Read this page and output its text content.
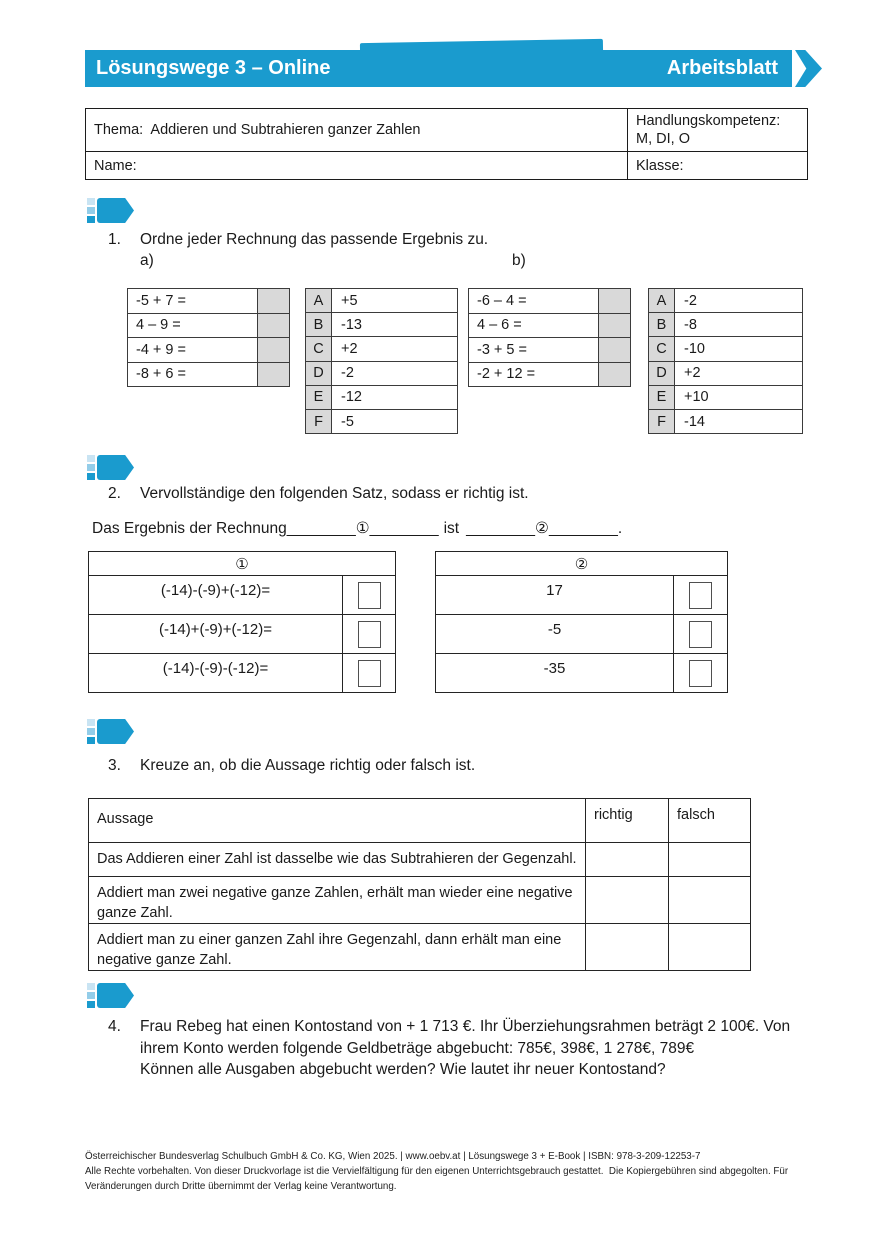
Lösungswege 3 – Online	Arbeitsblatt
Thema:  Addieren und Subtrahieren ganzer Zahlen	Handlungskompetenz: M, DI, O
Name:	Klasse:
1. Ordne jeder Rechnung das passende Ergebnis zu.
a)	b)
-5 + 7 =	
4 – 9 =	
-4 + 9 =	
-8 + 6 =	
A	+5
B	-13
C	+2
D	-2
E	-12
F	-5
-6 – 4 =	
4 – 6 =	
-3 + 5 =	
-2 + 12 =	
A	-2
B	-8
C	-10
D	+2
E	+10
F	-14
2. Vervollständige den folgenden Satz, sodass er richtig ist.
Das Ergebnis der Rechnung________①________ ist ________②________.
①	
(-14)-(-9)+(-12)=	

(-14)+(-9)+(-12)=	

(-14)-(-9)-(-12)=	
②	
17	

-5	

-35	
3. Kreuze an, ob die Aussage richtig oder falsch ist.
Aussage	richtig	falsch
Das Addieren einer Zahl ist dasselbe wie das Subtrahieren der Gegenzahl.		
Addiert man zwei negative ganze Zahlen, erhält man wieder eine negative ganze Zahl.		
Addiert man zu einer ganzen Zahl ihre Gegenzahl, dann erhält man eine negative ganze Zahl.		
4. Frau Rebeg hat einen Kontostand von + 1 713 €. Ihr Überziehungsrahmen beträgt 2 100€. Von
ihrem Konto werden folgende Geldbeträge abgebucht: 785€, 398€, 1 278€, 789€
Können alle Ausgaben abgebucht werden? Wie lautet ihr neuer Kontostand?
Österreichischer Bundesverlag Schulbuch GmbH & Co. KG, Wien 2025. | www.oebv.at | Lösungswege 3 + E-Book | ISBN: 978-3-209-12253-7
Alle Rechte vorbehalten. Von dieser Druckvorlage ist die Vervielfältigung für den eigenen Unterrichtsgebrauch gestattet.  Die Kopiergebühren sind abgegolten. Für
Veränderungen durch Dritte übernimmt der Verlag keine Verantwortung.
